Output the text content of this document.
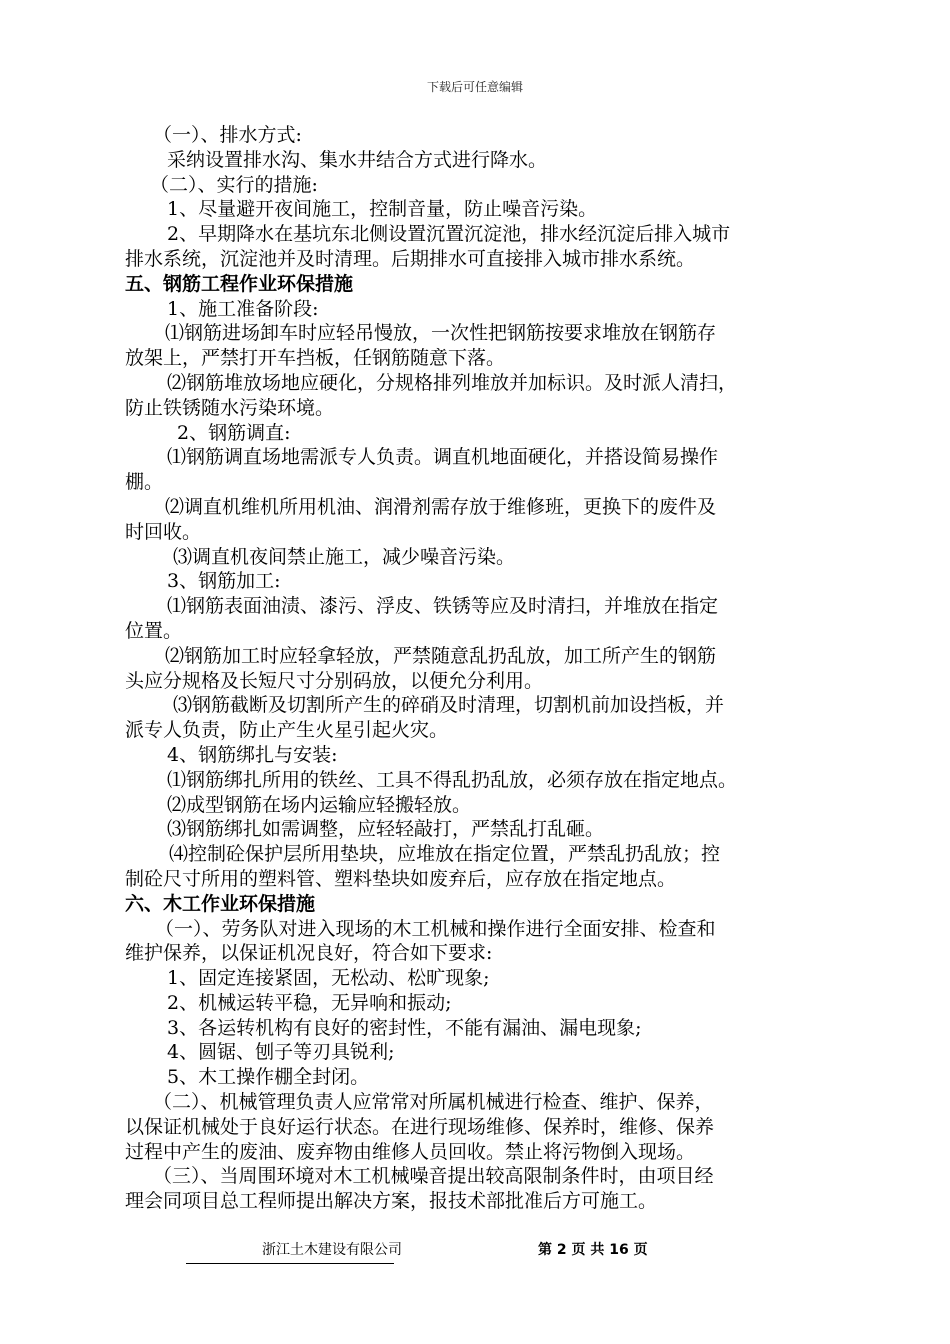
下载后可任意编辑
（一）、排水方式:
采纳设置排水沟、集水井结合方式进行降水。
（二）、实行的措施:
1、尽量避开夜间施工，控制音量，防止噪音污染。
2、早期降水在基坑东北侧设置沉置沉淀池，排水经沉淀后排入城市
排水系统，沉淀池并及时清理。后期排水可直接排入城市排水系统。
五、钢筋工程作业环保措施
1、施工准备阶段:
⑴钢筋进场卸车时应轻吊慢放，一次性把钢筋按要求堆放在钢筋存
放架上，严禁打开车挡板，任钢筋随意下落。
⑵钢筋堆放场地应硬化，分规格排列堆放并加标识。及时派人清扫，
防止铁锈随水污染环境。
2、钢筋调直:
⑴钢筋调直场地需派专人负责。调直机地面硬化，并搭设简易操作
棚。
⑵调直机维机所用机油、润滑剂需存放于维修班，更换下的废件及
时回收。
⑶调直机夜间禁止施工，减少噪音污染。
3、钢筋加工:
⑴钢筋表面油渍、漆污、浮皮、铁锈等应及时清扫，并堆放在指定
位置。
⑵钢筋加工时应轻拿轻放，严禁随意乱扔乱放，加工所产生的钢筋
头应分规格及长短尺寸分别码放，以便允分利用。
⑶钢筋截断及切割所产生的碎硝及时清理，切割机前加设挡板，并
派专人负责，防止产生火星引起火灾。
4、钢筋绑扎与安装:
⑴钢筋绑扎所用的铁丝、工具不得乱扔乱放，必须存放在指定地点。
⑵成型钢筋在场内运输应轻搬轻放。
⑶钢筋绑扎如需调整，应轻轻敲打，严禁乱打乱砸。
⑷控制砼保护层所用垫块，应堆放在指定位置，严禁乱扔乱放；控
制砼尺寸所用的塑料管、塑料垫块如废弃后，应存放在指定地点。
六、木工作业环保措施
（一）、劳务队对进入现场的木工机械和操作进行全面安排、检查和
维护保养，以保证机况良好，符合如下要求:
1、固定连接紧固，无松动、松旷现象;
2、机械运转平稳，无异响和振动;
3、各运转机构有良好的密封性，不能有漏油、漏电现象;
4、圆锯、刨子等刃具锐利;
5、木工操作棚全封闭。
（二）、机械管理负责人应常常对所属机械进行检查、维护、保养，
以保证机械处于良好运行状态。在进行现场维修、保养时，维修、保养
过程中产生的废油、废弃物由维修人员回收。禁止将污物倒入现场。
（三）、当周围环境对木工机械噪音提出较高限制条件时，由项目经
理会同项目总工程师提出解决方案，报技术部批准后方可施工。
浙江土木建设有限公司	第 2 页 共 16 页
